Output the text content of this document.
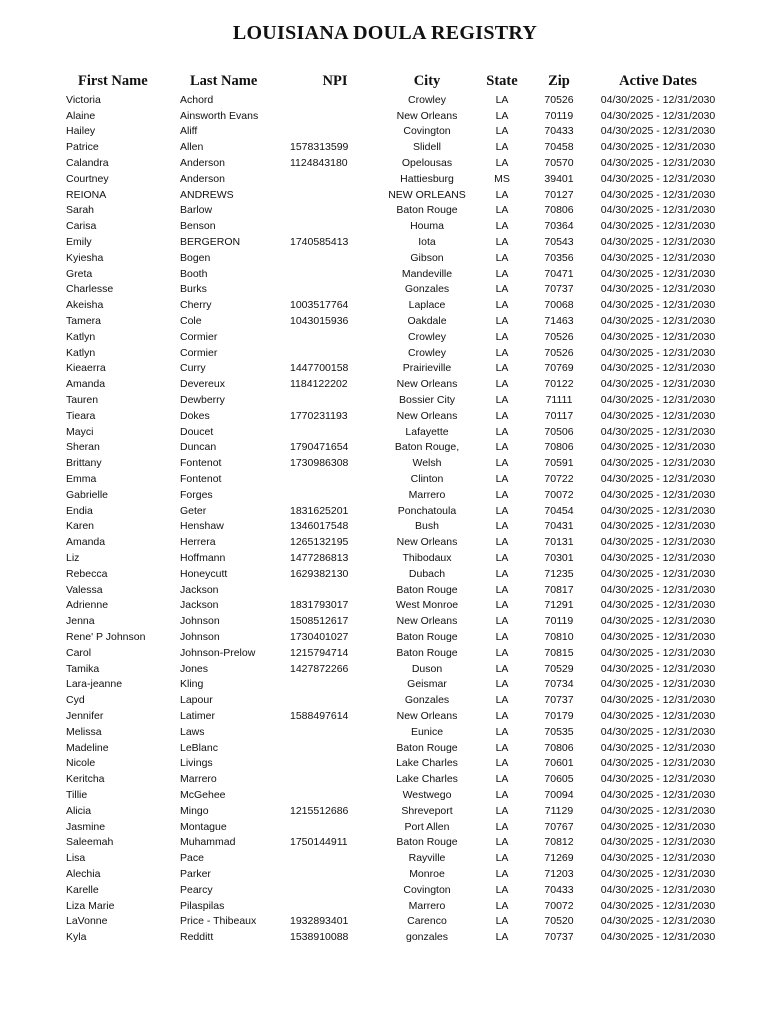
LOUISIANA DOULA REGISTRY
First Name	Last Name	NPI	City	State	Zip	Active Dates
Victoria	Achord		Crowley	LA	70526	04/30/2025 - 12/31/2030
Alaine	Ainsworth Evans		New Orleans	LA	70119	04/30/2025 - 12/31/2030
Hailey	Aliff		Covington	LA	70433	04/30/2025 - 12/31/2030
Patrice	Allen	1578313599	Slidell	LA	70458	04/30/2025 - 12/31/2030
Calandra	Anderson	1124843180	Opelousas	LA	70570	04/30/2025 - 12/31/2030
Courtney	Anderson		Hattiesburg	MS	39401	04/30/2025 - 12/31/2030
REIONA	ANDREWS		NEW ORLEANS	LA	70127	04/30/2025 - 12/31/2030
Sarah	Barlow		Baton Rouge	LA	70806	04/30/2025 - 12/31/2030
Carisa	Benson		Houma	LA	70364	04/30/2025 - 12/31/2030
Emily	BERGERON	1740585413	Iota	LA	70543	04/30/2025 - 12/31/2030
Kyiesha	Bogen		Gibson	LA	70356	04/30/2025 - 12/31/2030
Greta	Booth		Mandeville	LA	70471	04/30/2025 - 12/31/2030
Charlesse	Burks		Gonzales	LA	70737	04/30/2025 - 12/31/2030
Akeisha	Cherry	1003517764	Laplace	LA	70068	04/30/2025 - 12/31/2030
Tamera	Cole	1043015936	Oakdale	LA	71463	04/30/2025 - 12/31/2030
Katlyn	Cormier		Crowley	LA	70526	04/30/2025 - 12/31/2030
Katlyn	Cormier		Crowley	LA	70526	04/30/2025 - 12/31/2030
Kieaerra	Curry	1447700158	Prairieville	LA	70769	04/30/2025 - 12/31/2030
Amanda	Devereux	1184122202	New Orleans	LA	70122	04/30/2025 - 12/31/2030
Tauren	Dewberry		Bossier City	LA	71111	04/30/2025 - 12/31/2030
Tieara	Dokes	1770231193	New Orleans	LA	70117	04/30/2025 - 12/31/2030
Mayci	Doucet		Lafayette	LA	70506	04/30/2025 - 12/31/2030
Sheran	Duncan	1790471654	Baton Rouge,	LA	70806	04/30/2025 - 12/31/2030
Brittany	Fontenot	1730986308	Welsh	LA	70591	04/30/2025 - 12/31/2030
Emma	Fontenot		Clinton	LA	70722	04/30/2025 - 12/31/2030
Gabrielle	Forges		Marrero	LA	70072	04/30/2025 - 12/31/2030
Endia	Geter	1831625201	Ponchatoula	LA	70454	04/30/2025 - 12/31/2030
Karen	Henshaw	1346017548	Bush	LA	70431	04/30/2025 - 12/31/2030
Amanda	Herrera	1265132195	New Orleans	LA	70131	04/30/2025 - 12/31/2030
Liz	Hoffmann	1477286813	Thibodaux	LA	70301	04/30/2025 - 12/31/2030
Rebecca	Honeycutt	1629382130	Dubach	LA	71235	04/30/2025 - 12/31/2030
Valessa	Jackson		Baton Rouge	LA	70817	04/30/2025 - 12/31/2030
Adrienne	Jackson	1831793017	West Monroe	LA	71291	04/30/2025 - 12/31/2030
Jenna	Johnson	1508512617	New Orleans	LA	70119	04/30/2025 - 12/31/2030
Rene' P Johnson	Johnson	1730401027	Baton Rouge	LA	70810	04/30/2025 - 12/31/2030
Carol	Johnson-Prelow	1215794714	Baton Rouge	LA	70815	04/30/2025 - 12/31/2030
Tamika	Jones	1427872266	Duson	LA	70529	04/30/2025 - 12/31/2030
Lara-jeanne	Kling		Geismar	LA	70734	04/30/2025 - 12/31/2030
Cyd	Lapour		Gonzales	LA	70737	04/30/2025 - 12/31/2030
Jennifer	Latimer	1588497614	New Orleans	LA	70179	04/30/2025 - 12/31/2030
Melissa	Laws		Eunice	LA	70535	04/30/2025 - 12/31/2030
Madeline	LeBlanc		Baton Rouge	LA	70806	04/30/2025 - 12/31/2030
Nicole	Livings		Lake Charles	LA	70601	04/30/2025 - 12/31/2030
Keritcha	Marrero		Lake Charles	LA	70605	04/30/2025 - 12/31/2030
Tillie	McGehee		Westwego	LA	70094	04/30/2025 - 12/31/2030
Alicia	Mingo	1215512686	Shreveport	LA	71129	04/30/2025 - 12/31/2030
Jasmine	Montague		Port Allen	LA	70767	04/30/2025 - 12/31/2030
Saleemah	Muhammad	1750144911	Baton Rouge	LA	70812	04/30/2025 - 12/31/2030
Lisa	Pace		Rayville	LA	71269	04/30/2025 - 12/31/2030
Alechia	Parker		Monroe	LA	71203	04/30/2025 - 12/31/2030
Karelle	Pearcy		Covington	LA	70433	04/30/2025 - 12/31/2030
Liza Marie	Pilaspilas		Marrero	LA	70072	04/30/2025 - 12/31/2030
LaVonne	Price - Thibeaux	1932893401	Carenco	LA	70520	04/30/2025 - 12/31/2030
Kyla	Redditt	1538910088	gonzales	LA	70737	04/30/2025 - 12/31/2030
